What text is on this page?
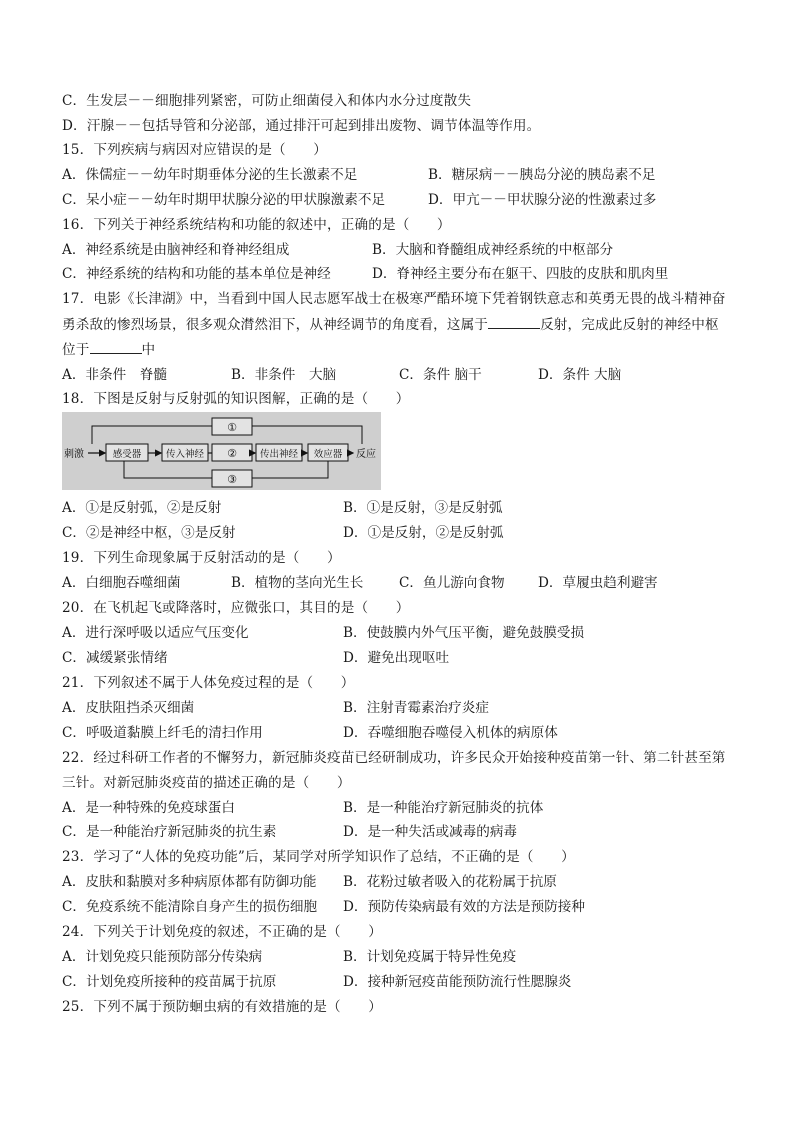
C．生发层－－细胞排列紧密，可防止细菌侵入和体内水分过度散失
D．汗腺－－包括导管和分泌部，通过排汗可起到排出废物、调节体温等作用。
15．下列疾病与病因对应错误的是（　　）
A．侏儒症－－幼年时期垂体分泌的生长激素不足	B．糖尿病－－胰岛分泌的胰岛素不足
C．呆小症－－幼年时期甲状腺分泌的甲状腺激素不足	D．甲亢－－甲状腺分泌的性激素过多
16．下列关于神经系统结构和功能的叙述中，正确的是（　　）
A．神经系统是由脑神经和脊神经组成	B．大脑和脊髓组成神经系统的中枢部分
C．神经系统的结构和功能的基本单位是神经	D．脊神经主要分布在躯干、四肢的皮肤和肌肉里
17．电影《长津湖》中，当看到中国人民志愿军战士在极寒严酷环境下凭着钢铁意志和英勇无畏的战斗精神奋
勇杀敌的惨烈场景，很多观众潸然泪下，从神经调节的角度看，这属于	反射，完成此反射的神经中枢
位于	中
A．非条件　脊髓	B．非条件　大脑	C．条件 脑干	D．条件 大脑
18．下图是反射与反射弧的知识图解，正确的是（　　）
刺激	感受器	传入神经 ② 传出神经 效应器 反应
①
③
A．①是反射弧，②是反射	B．①是反射，③是反射弧
C．②是神经中枢，③是反射	D．①是反射，②是反射弧
19．下列生命现象属于反射活动的是（　　）
A．白细胞吞噬细菌	B．植物的茎向光生长	C．鱼儿游向食物 D．草履虫趋利避害
20．在飞机起飞或降落时，应微张口，其目的是（　　）
A．进行深呼吸以适应气压变化	B．使鼓膜内外气压平衡，避免鼓膜受损
C．减缓紧张情绪	D．避免出现呕吐
21．下列叙述不属于人体免疫过程的是（　　）
A．皮肤阻挡杀灭细菌	B．注射青霉素治疗炎症
C．呼吸道黏膜上纤毛的清扫作用	D．吞噬细胞吞噬侵入机体的病原体
22．经过科研工作者的不懈努力，新冠肺炎疫苗已经研制成功，许多民众开始接种疫苗第一针、第二针甚至第
三针。对新冠肺炎疫苗的描述正确的是（　　）
A．是一种特殊的免疫球蛋白	B．是一种能治疗新冠肺炎的抗体
C．是一种能治疗新冠肺炎的抗生素	D．是一种失活或减毒的病毒
23．学习了“人体的免疫功能”后，某同学对所学知识作了总结，不正确的是（　　）
A．皮肤和黏膜对多种病原体都有防御功能 B．花粉过敏者吸入的花粉属于抗原
C．免疫系统不能清除自身产生的损伤细胞 D．预防传染病最有效的方法是预防接种
24．下列关于计划免疫的叙述，不正确的是（　　）
A．计划免疫只能预防部分传染病	B．计划免疫属于特异性免疫
C．计划免疫所接种的疫苗属于抗原	D．接种新冠疫苗能预防流行性腮腺炎
25．下列不属于预防蛔虫病的有效措施的是（　　）
